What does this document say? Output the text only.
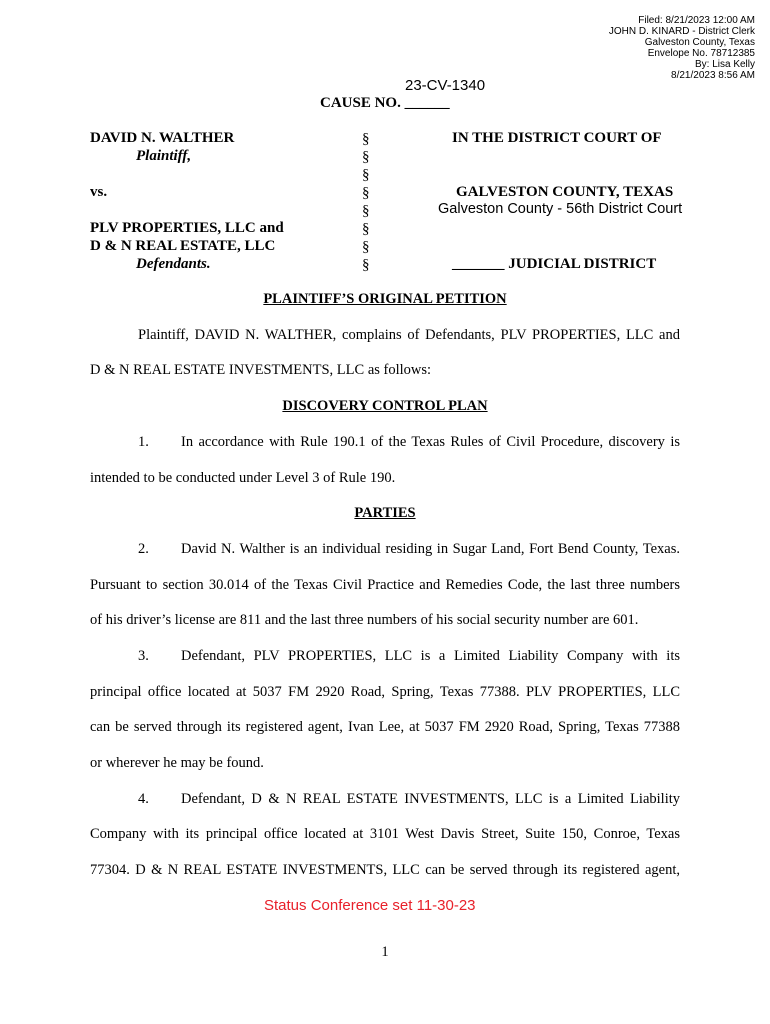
Filed: 8/21/2023 12:00 AM
JOHN D. KINARD - District Clerk
Galveston County, Texas
Envelope No. 78712385
By: Lisa Kelly
8/21/2023 8:56 AM
23-CV-1340
CAUSE NO. ______
DAVID N. WALTHER
Plaintiff,
vs.
PLV PROPERTIES, LLC and
D & N REAL ESTATE, LLC
Defendants.
§
§
§
§
§
§
§
§
IN THE DISTRICT COURT OF
GALVESTON COUNTY, TEXAS
Galveston County - 56th District Court
_______ JUDICIAL DISTRICT
PLAINTIFF’S ORIGINAL PETITION
Plaintiff, DAVID N. WALTHER, complains of Defendants, PLV PROPERTIES, LLC and
D & N REAL ESTATE INVESTMENTS, LLC as follows:
DISCOVERY CONTROL PLAN
1. In accordance with Rule 190.1 of the Texas Rules of Civil Procedure, discovery is
intended to be conducted under Level 3 of Rule 190.
PARTIES
2. David N. Walther is an individual residing in Sugar Land, Fort Bend County, Texas.
Pursuant to section 30.014 of the Texas Civil Practice and Remedies Code, the last three numbers
of his driver’s license are 811 and the last three numbers of his social security number are 601.
3. Defendant, PLV PROPERTIES, LLC is a Limited Liability Company with its
principal office located at 5037 FM 2920 Road, Spring, Texas 77388. PLV PROPERTIES, LLC
can be served through its registered agent, Ivan Lee, at 5037 FM 2920 Road, Spring, Texas 77388
or wherever he may be found.
4. Defendant, D & N REAL ESTATE INVESTMENTS, LLC is a Limited Liability
Company with its principal office located at 3101 West Davis Street, Suite 150, Conroe, Texas
77304. D & N REAL ESTATE INVESTMENTS, LLC can be served through its registered agent,
Status Conference set 11-30-23
1
